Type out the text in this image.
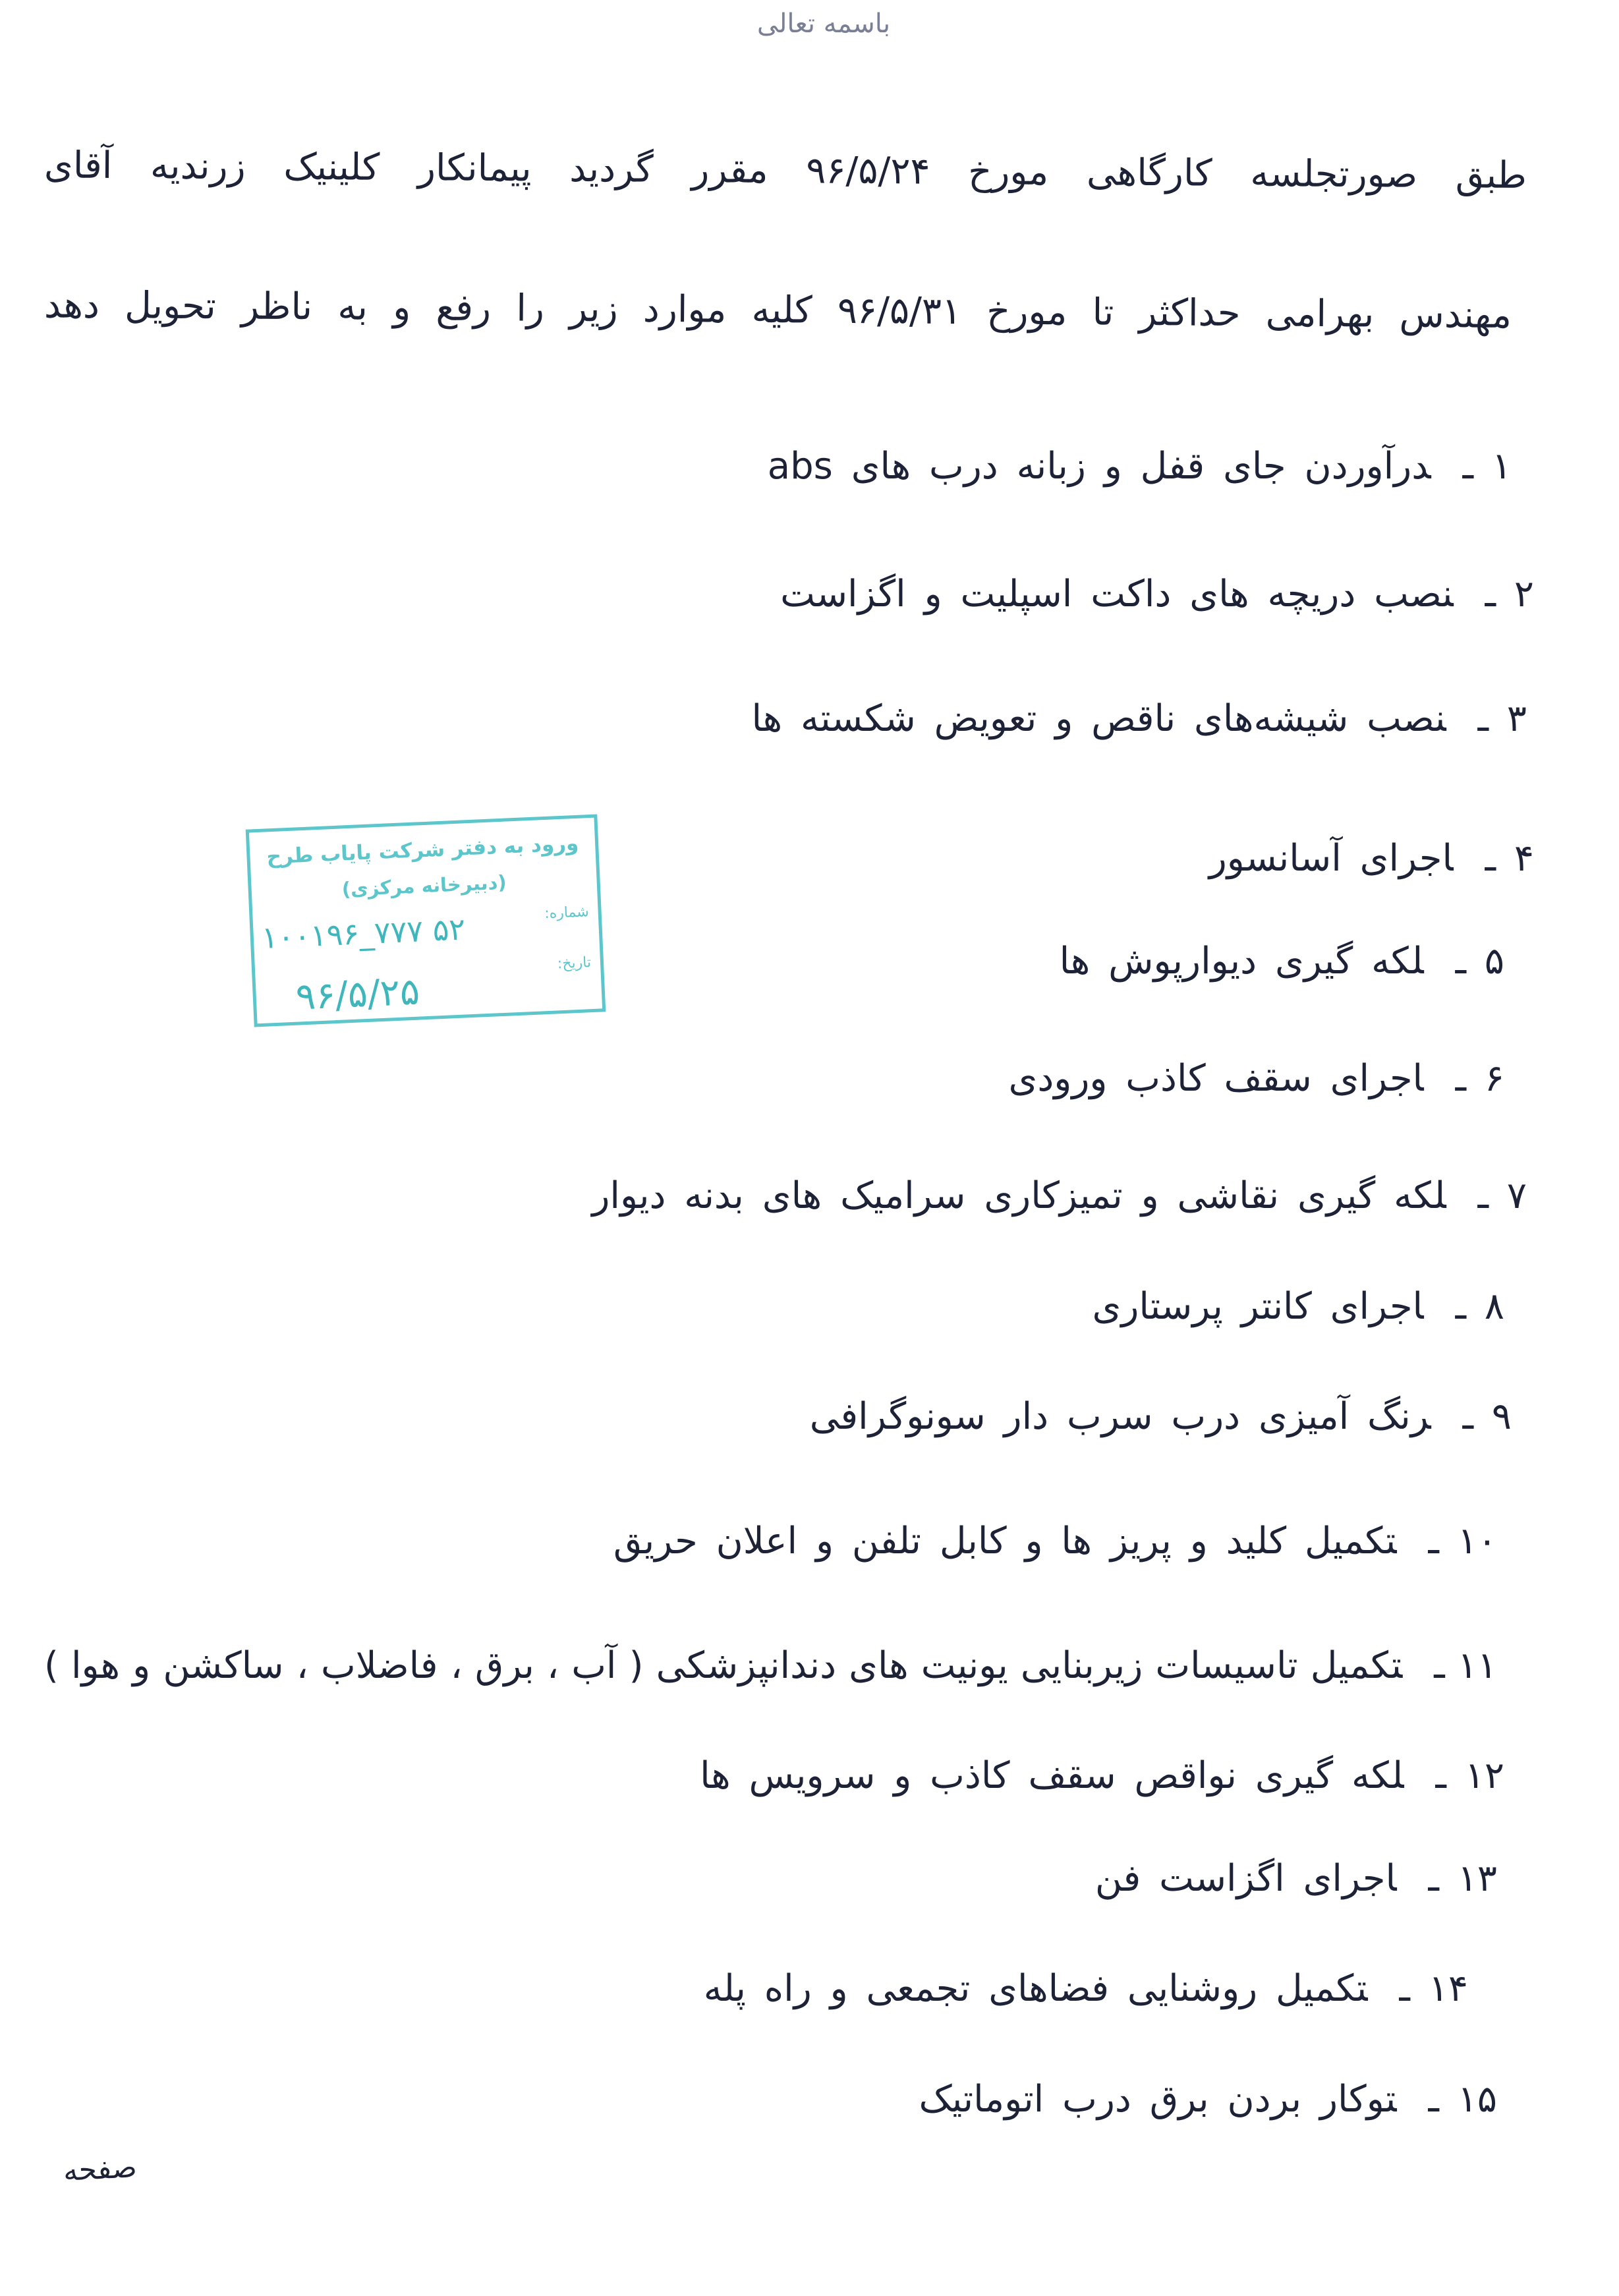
باسمه تعالی
طبق صورتجلسه کارگاهی مورخ ۹۶/۵/۲۴ مقرر گردید پیمانکار کلینیک زرندیه آقای
مهندس بهرامی حداکثر تا مورخ ۹۶/۵/۳۱ کلیه موارد زیر را رفع و به ناظر تحویل دهد
۱ ـدرآوردن جای قفل و زبانه درب های abs
۲ ـنصب دریچه های داکت اسپلیت و اگزاست
۳ ـنصب شیشه‌های ناقص و تعویض شکسته ها
۴ ـاجرای آسانسور
۵ ـلکه گیری دیوارپوش ها
۶ ـاجرای سقف کاذب ورودی
۷ ـلکه گیری نقاشی و تمیزکاری سرامیک های بدنه دیوار
۸ ـاجرای کانتر پرستاری
۹ ـرنگ آمیزی درب سرب دار سونوگرافی
۱۰ ـتکمیل کلید و پریز ها و کابل تلفن و اعلان حریق
۱۱ ـتکمیل تاسیسات زیربنایی یونیت های دندانپزشکی ( آب ، برق ، فاضلاب ، ساکشن و هوا )
۱۲ ـلکه گیری نواقص سقف کاذب و سرویس ها
۱۳ ـاجرای اگزاست فن
۱۴ ـتکمیل روشنایی فضاهای تجمعی و راه پله
۱۵ ـتوکار بردن برق درب اتوماتیک
ورود به دفتر شرکت پایاب طرح
(دبیرخانه مرکزی)
شماره:
۱۰۰۱۹۶_۷۷۷ ۵۲
تاریخ:
۹۶/۵/۲۵
صفحه
